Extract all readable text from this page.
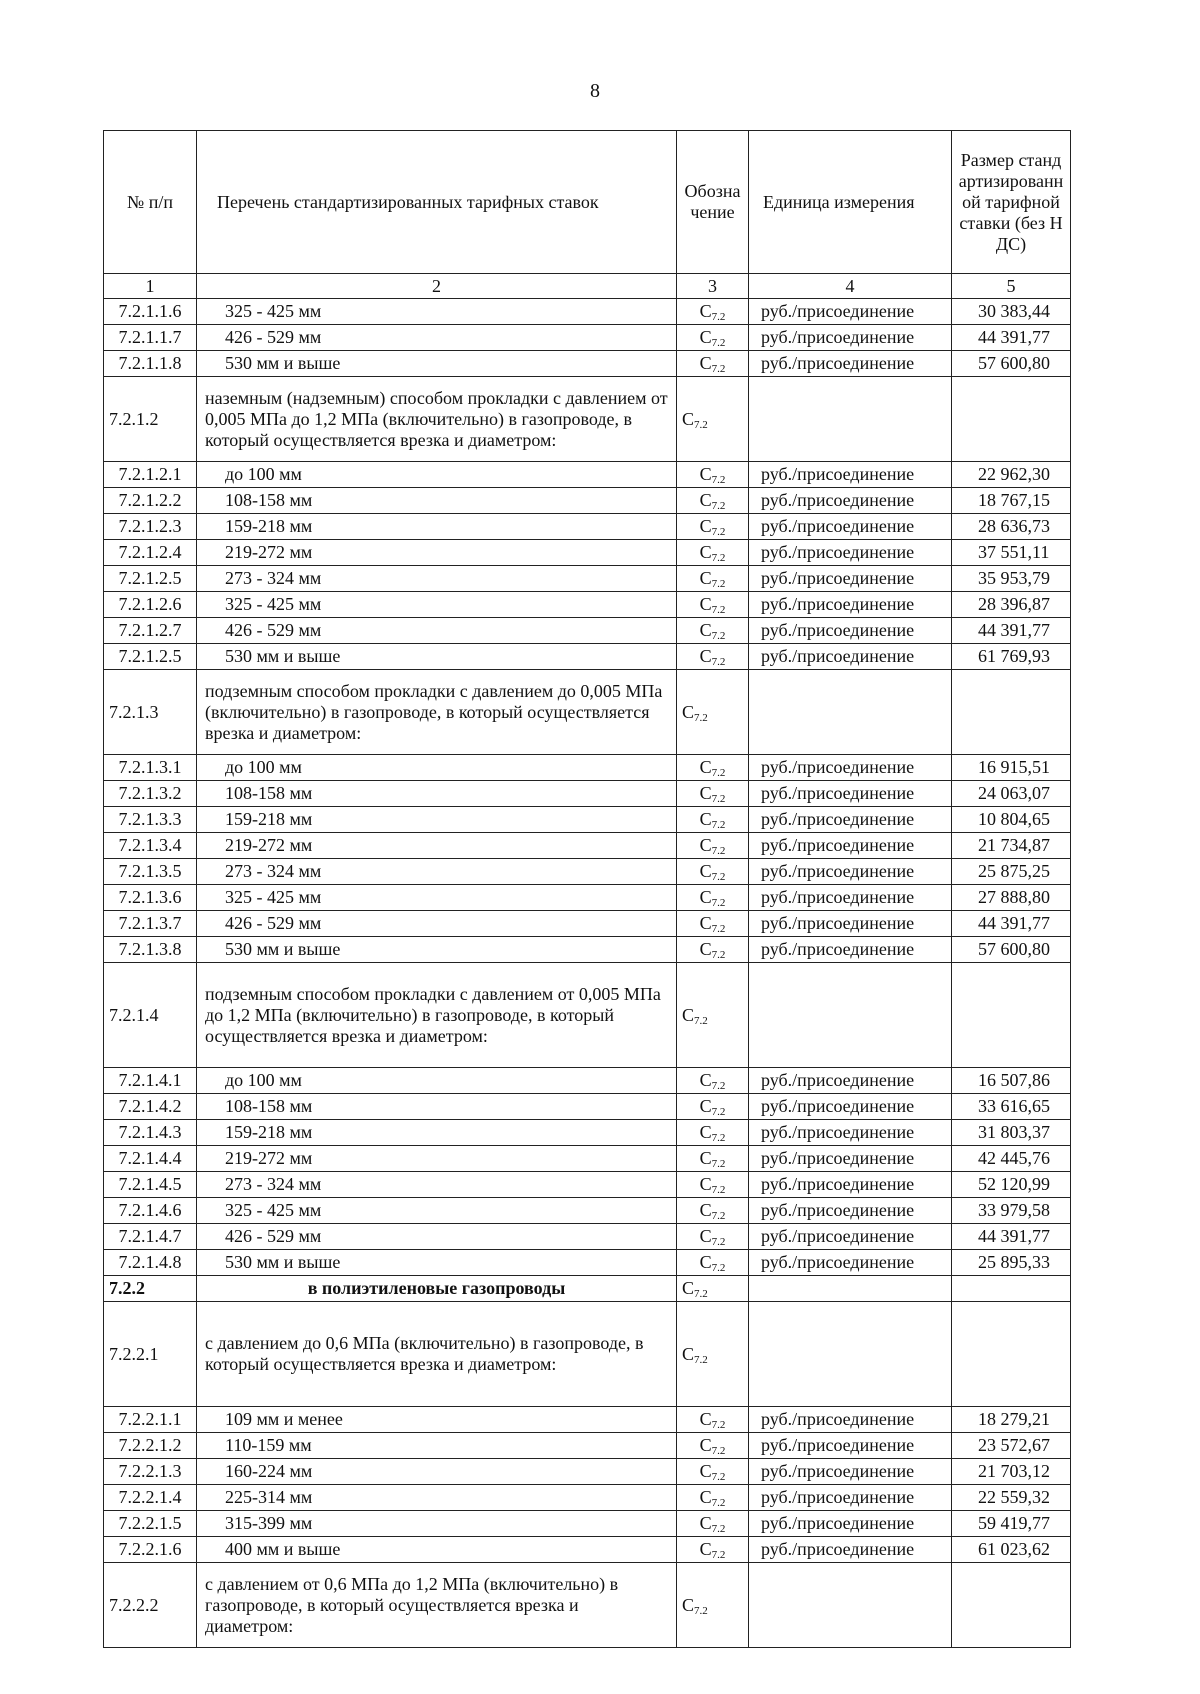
8
№ п/п	Перечень стандартизированных тарифных ставок	Обозначение	Единица измерения	Размер стандартизированной тарифной ставки (без НДС)
1	2	3	4	5
7.2.1.1.6	325 - 425 мм	$C_{7.2}$	руб./присоединение	30 383,44
7.2.1.1.7	426 - 529 мм	$C_{7.2}$	руб./присоединение	44 391,77
7.2.1.1.8	530 мм и выше	$C_{7.2}$	руб./присоединение	57 600,80
7.2.1.2	наземным (надземным) способом прокладки с давлением от 0,005 МПа до 1,2 МПа (включительно) в газопроводе, в который осуществляется врезка и диаметром:	$C_{7.2}$		
7.2.1.2.1	до 100 мм	$C_{7.2}$	руб./присоединение	22 962,30
7.2.1.2.2	108-158 мм	$C_{7.2}$	руб./присоединение	18 767,15
7.2.1.2.3	159-218 мм	$C_{7.2}$	руб./присоединение	28 636,73
7.2.1.2.4	219-272 мм	$C_{7.2}$	руб./присоединение	37 551,11
7.2.1.2.5	273 - 324 мм	$C_{7.2}$	руб./присоединение	35 953,79
7.2.1.2.6	325 - 425 мм	$C_{7.2}$	руб./присоединение	28 396,87
7.2.1.2.7	426 - 529 мм	$C_{7.2}$	руб./присоединение	44 391,77
7.2.1.2.5	530 мм и выше	$C_{7.2}$	руб./присоединение	61 769,93
7.2.1.3	подземным способом прокладки с давлением до 0,005 МПа (включительно) в газопроводе, в который осуществляется врезка и диаметром:	$C_{7.2}$		
7.2.1.3.1	до 100 мм	$C_{7.2}$	руб./присоединение	16 915,51
7.2.1.3.2	108-158 мм	$C_{7.2}$	руб./присоединение	24 063,07
7.2.1.3.3	159-218 мм	$C_{7.2}$	руб./присоединение	10 804,65
7.2.1.3.4	219-272 мм	$C_{7.2}$	руб./присоединение	21 734,87
7.2.1.3.5	273 - 324 мм	$C_{7.2}$	руб./присоединение	25 875,25
7.2.1.3.6	325 - 425 мм	$C_{7.2}$	руб./присоединение	27 888,80
7.2.1.3.7	426 - 529 мм	$C_{7.2}$	руб./присоединение	44 391,77
7.2.1.3.8	530 мм и выше	$C_{7.2}$	руб./присоединение	57 600,80
7.2.1.4	подземным способом прокладки с давлением от 0,005 МПа до 1,2 МПа (включительно) в газопроводе, в который осуществляется врезка и диаметром:	$C_{7.2}$		
7.2.1.4.1	до 100 мм	$C_{7.2}$	руб./присоединение	16 507,86
7.2.1.4.2	108-158 мм	$C_{7.2}$	руб./присоединение	33 616,65
7.2.1.4.3	159-218 мм	$C_{7.2}$	руб./присоединение	31 803,37
7.2.1.4.4	219-272 мм	$C_{7.2}$	руб./присоединение	42 445,76
7.2.1.4.5	273 - 324 мм	$C_{7.2}$	руб./присоединение	52 120,99
7.2.1.4.6	325 - 425 мм	$C_{7.2}$	руб./присоединение	33 979,58
7.2.1.4.7	426 - 529 мм	$C_{7.2}$	руб./присоединение	44 391,77
7.2.1.4.8	530 мм и выше	$C_{7.2}$	руб./присоединение	25 895,33
7.2.2	в полиэтиленовые газопроводы	$C_{7.2}$		
7.2.2.1	с давлением до 0,6 МПа (включительно) в газопроводе, в который осуществляется врезка и диаметром:	$C_{7.2}$		
7.2.2.1.1	109 мм и менее	$C_{7.2}$	руб./присоединение	18 279,21
7.2.2.1.2	110-159 мм	$C_{7.2}$	руб./присоединение	23 572,67
7.2.2.1.3	160-224 мм	$C_{7.2}$	руб./присоединение	21 703,12
7.2.2.1.4	225-314 мм	$C_{7.2}$	руб./присоединение	22 559,32
7.2.2.1.5	315-399 мм	$C_{7.2}$	руб./присоединение	59 419,77
7.2.2.1.6	400 мм и выше	$C_{7.2}$	руб./присоединение	61 023,62
7.2.2.2	с давлением от 0,6 МПа до 1,2 МПа (включительно) в газопроводе, в который осуществляется врезка и диаметром:	$C_{7.2}$		
